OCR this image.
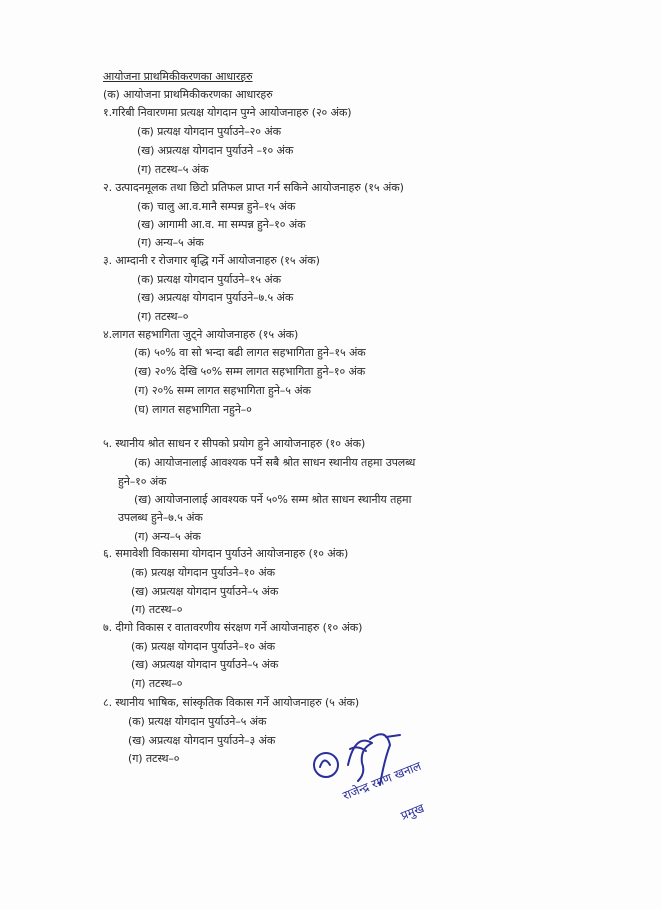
आयोजना प्राथमिकीकरणका आधारहरु
(क) आयोजना प्राथमिकीकरणका आधारहरु
१.गरिबी निवारणमा प्रत्यक्ष योगदान पुग्ने आयोजनाहरु (२० अंक)
(क) प्रत्यक्ष योगदान पुर्याउने–२० अंक
(ख) अप्रत्यक्ष योगदान पुर्याउने –१० अंक
(ग) तटस्थ–५ अंक
२. उत्पादनमूलक तथा छिटो प्रतिफल प्राप्त गर्न सकिने आयोजनाहरु (१५ अंक)
(क) चालु आ.व.मानै सम्पन्न हुने–१५ अंक
(ख) आगामी आ.व. मा सम्पन्न हुने–१० अंक
(ग) अन्य–५ अंक
३. आम्दानी र रोजगार बृद्धि गर्ने आयोजनाहरु (१५ अंक)
(क) प्रत्यक्ष योगदान पुर्याउने–१५ अंक
(ख) अप्रत्यक्ष योगदान पुर्याउने–७.५ अंक
(ग) तटस्थ–०
४.लागत सहभागिता जुट्ने आयोजनाहरु (१५ अंक)
(क) ५०% वा सो भन्दा बढी लागत सहभागिता हुने–१५ अंक
(ख) २०% देखि ५०% सम्म लागत सहभागिता हुने–१० अंक
(ग) २०% सम्म लागत सहभागिता हुने–५ अंक
(घ) लागत सहभागिता नहुने–०
५. स्थानीय श्रोत साधन र सीपको प्रयोग हुने आयोजनाहरु (१० अंक)
(क) आयोजनालाई आवश्यक पर्ने सबै श्रोत साधन स्थानीय तहमा उपलब्ध
हुने–१० अंक
(ख) आयोजनालाई आवश्यक पर्ने ५०% सम्म श्रोत साधन स्थानीय तहमा
उपलब्ध हुने–७.५ अंक
(ग) अन्य–५ अंक
६. समावेशी विकासमा योगदान पुर्याउने आयोजनाहरु (१० अंक)
(क) प्रत्यक्ष योगदान पुर्याउने–१० अंक
(ख) अप्रत्यक्ष योगदान पुर्याउने–५ अंक
(ग) तटस्थ–०
७. दीगो विकास र वातावरणीय संरक्षण गर्ने आयोजनाहरु (१० अंक)
(क) प्रत्यक्ष योगदान पुर्याउने–१० अंक
(ख) अप्रत्यक्ष योगदान पुर्याउने–५ अंक
(ग) तटस्थ–०
८. स्थानीय भाषिक, सांस्कृतिक विकास गर्ने आयोजनाहरु (५ अंक)
(क) प्रत्यक्ष योगदान पुर्याउने–५ अंक
(ख) अप्रत्यक्ष योगदान पुर्याउने–३ अंक
(ग) तटस्थ–०
राजेन्द्र रमण खनाल
प्रमुख
